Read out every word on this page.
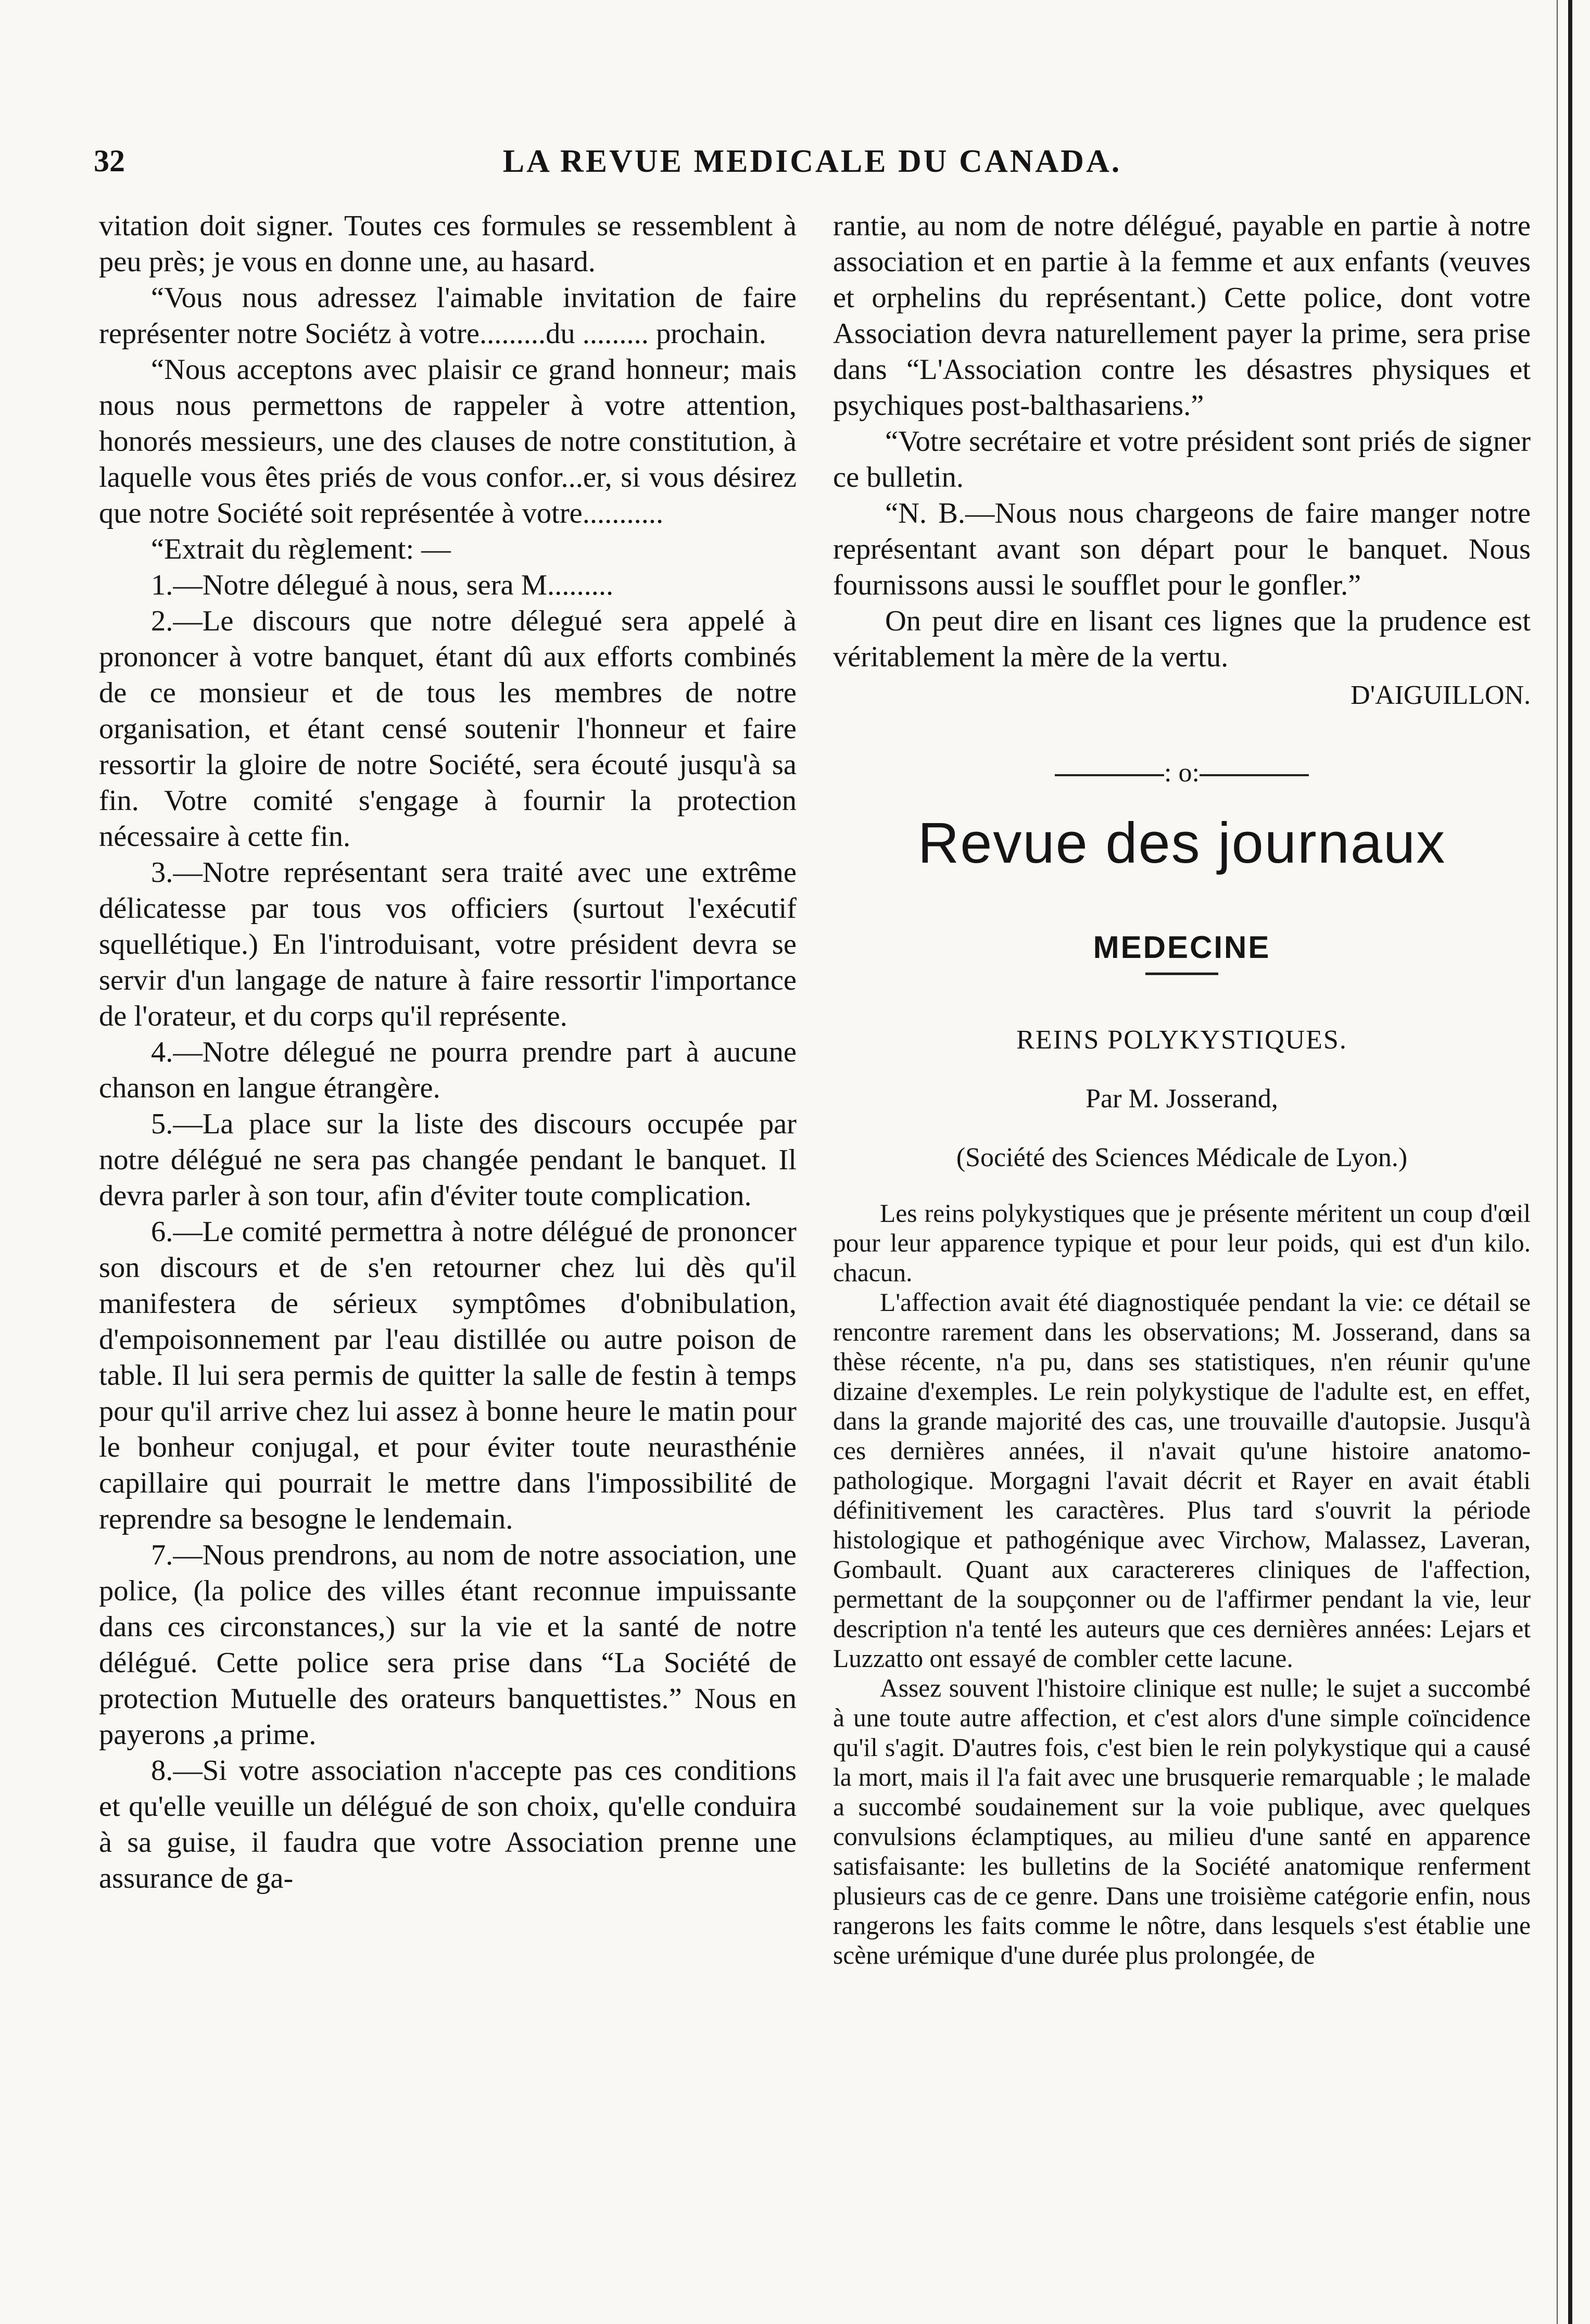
32	LA REVUE MEDICALE DU CANADA.

vitation doit signer. Toutes ces formules se ressemblent à peu près; je vous en donne une, au hasard.

“Vous nous adressez l'aimable invitation de faire représenter notre Sociétz à votre.........du ......... prochain.

“Nous acceptons avec plaisir ce grand honneur; mais nous nous permettons de rappeler à votre attention, honorés messieurs, une des clauses de notre constitution, à laquelle vous êtes priés de vous confor...er, si vous désirez que notre Société soit représentée à votre...........

“Extrait du règlement: —

1.—Notre délegué à nous, sera M.........

2.—Le discours que notre délegué sera appelé à prononcer à votre banquet, étant dû aux efforts combinés de ce monsieur et de tous les membres de notre organisation, et étant censé soutenir l'honneur et faire ressortir la gloire de notre Société, sera écouté jusqu'à sa fin. Votre comité s'engage à fournir la protection nécessaire à cette fin.

3.—Notre représentant sera traité avec une extrême délicatesse par tous vos officiers (surtout l'exécutif squellétique.) En l'introduisant, votre président devra se servir d'un langage de nature à faire ressortir l'importance de l'orateur, et du corps qu'il représente.

4.—Notre délegué ne pourra prendre part à aucune chanson en langue étrangère.

5.—La place sur la liste des discours occupée par notre délégué ne sera pas changée pendant le banquet. Il devra parler à son tour, afin d'éviter toute complication.

6.—Le comité permettra à notre délégué de prononcer son discours et de s'en retourner chez lui dès qu'il manifestera de sérieux symptômes d'obnibulation, d'empoisonnement par l'eau distillée ou autre poison de table. Il lui sera permis de quitter la salle de festin à temps pour qu'il arrive chez lui assez à bonne heure le matin pour le bonheur conjugal, et pour éviter toute neurasthénie capillaire qui pourrait le mettre dans l'impossibilité de reprendre sa besogne le lendemain.

7.—Nous prendrons, au nom de notre association, une police, (la police des villes étant reconnue impuissante dans ces circonstances,) sur la vie et la santé de notre délégué. Cette police sera prise dans “La Société de protection Mutuelle des orateurs banquettistes.” Nous en payerons ,a prime.

8.—Si votre association n'accepte pas ces conditions et qu'elle veuille un délégué de son choix, qu'elle conduira à sa guise, il faudra que votre Association prenne une assurance de ga-

rantie, au nom de notre délégué, payable en partie à notre association et en partie à la femme et aux enfants (veuves et orphelins du représentant.) Cette police, dont votre Association devra naturellement payer la prime, sera prise dans “L'Association contre les désastres physiques et psychiques post-balthasariens.”

“Votre secrétaire et votre président sont priés de signer ce bulletin.

“N. B.—Nous nous chargeons de faire manger notre représentant avant son départ pour le banquet. Nous fournissons aussi le soufflet pour le gonfler.”

On peut dire en lisant ces lignes que la prudence est véritablement la mère de la vertu.

D'AIGUILLON.

: o:
Revue des journaux
MEDECINE
REINS POLYKYSTIQUES.
Par M. Josserand,
(Société des Sciences Médicale de Lyon.)

Les reins polykystiques que je présente méritent un coup d'œil pour leur apparence typique et pour leur poids, qui est d'un kilo. chacun.

L'affection avait été diagnostiquée pendant la vie: ce détail se rencontre rarement dans les observations; M. Josserand, dans sa thèse récente, n'a pu, dans ses statistiques, n'en réunir qu'une dizaine d'exemples. Le rein polykystique de l'adulte est, en effet, dans la grande majorité des cas, une trouvaille d'autopsie. Jusqu'à ces dernières années, il n'avait qu'une histoire anatomo-pathologique. Morgagni l'avait décrit et Rayer en avait établi définitivement les caractères. Plus tard s'ouvrit la période histologique et pathogénique avec Virchow, Malassez, Laveran, Gombault. Quant aux caractereres cliniques de l'affection, permettant de la soupçonner ou de l'affirmer pendant la vie, leur description n'a tenté les auteurs que ces dernières années: Lejars et Luzzatto ont essayé de combler cette lacune.

Assez souvent l'histoire clinique est nulle; le sujet a succombé à une toute autre affection, et c'est alors d'une simple coïncidence qu'il s'agit. D'autres fois, c'est bien le rein polykystique qui a causé la mort, mais il l'a fait avec une brusquerie remarquable ; le malade a succombé soudainement sur la voie publique, avec quelques convulsions éclamptiques, au milieu d'une santé en apparence satisfaisante: les bulletins de la Société anatomique renferment plusieurs cas de ce genre. Dans une troisième catégorie enfin, nous rangerons les faits comme le nôtre, dans lesquels s'est établie une scène urémique d'une durée plus prolongée, de
